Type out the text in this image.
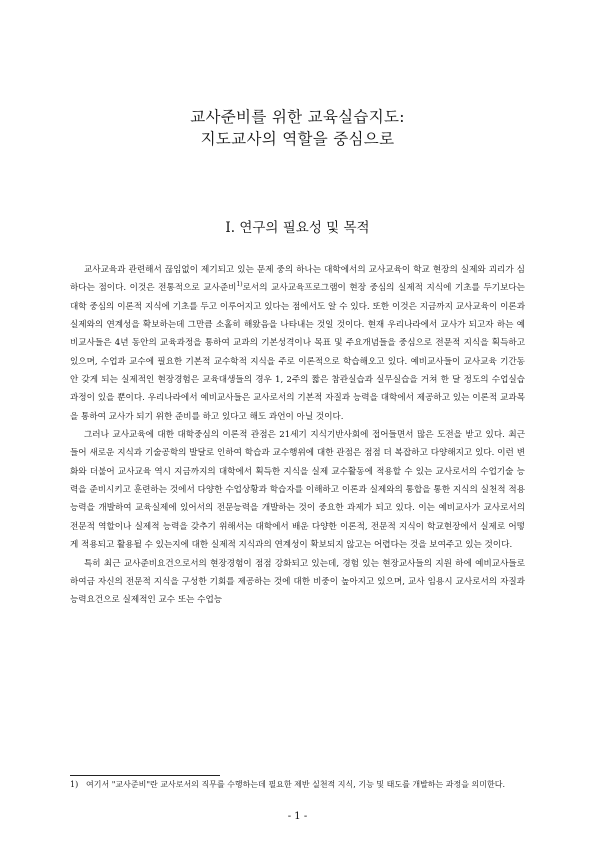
교사준비를 위한 교육실습지도:
지도교사의 역할을 중심으로
Ⅰ. 연구의 필요성 및 목적

교사교육과 관련해서 끊임없이 제기되고 있는 문제 중의 하나는 대학에서의 교사교육이 학교 현장의 실제와 괴리가 심하다는 점이다. 이것은 전통적으로 교사준비$^{1)}$로서의 교사교육프로그램이 현장 중심의 실제적 지식에 기초를 두기보다는 대학 중심의 이론적 지식에 기초를 두고 이루어지고 있다는 점에서도 알 수 있다. 또한 이것은 지금까지 교사교육이 이론과 실제와의 연계성을 확보하는데 그만큼 소홀히 해왔음을 나타내는 것일 것이다. 현재 우리나라에서 교사가 되고자 하는 예비교사들은 4년 동안의 교육과정을 통하여 교과의 기본성격이나 목표 및 주요개념들을 중심으로 전문적 지식을 획득하고 있으며, 수업과 교수에 필요한 기본적 교수학적 지식을 주로 이론적으로 학습해오고 있다. 예비교사들이 교사교육 기간동안 갖게 되는 실제적인 현장경험은 교육대생들의 경우 1, 2주의 짧은 참관실습과 실무실습을 거쳐 한 달 정도의 수업실습 과정이 있을 뿐이다. 우리나라에서 예비교사들은 교사로서의 기본적 자질과 능력을 대학에서 제공하고 있는 이론적 교과목을 통하여 교사가 되기 위한 준비를 하고 있다고 해도 과언이 아닐 것이다.

그러나 교사교육에 대한 대학중심의 이론적 관점은 21세기 지식기반사회에 접어들면서 많은 도전을 받고 있다. 최근 들어 새로운 지식과 기술공학의 발달로 인하여 학습과 교수행위에 대한 관점은 점점 더 복잡하고 다양해지고 있다. 이런 변화와 더불어 교사교육 역시 지금까지의 대학에서 획득한 지식을 실제 교수활동에 적용할 수 있는 교사로서의 수업기술 능력을 준비시키고 훈련하는 것에서 다양한 수업상황과 학습자를 이해하고 이론과 실제와의 통합을 통한 지식의 실천적 적용능력을 개발하여 교육실제에 있어서의 전문능력을 개발하는 것이 중요한 과제가 되고 있다. 이는 예비교사가 교사로서의 전문적 역할이나 실제적 능력을 갖추기 위해서는 대학에서 배운 다양한 이론적, 전문적 지식이 학교현장에서 실제로 어떻게 적용되고 활용될 수 있는지에 대한 실제적 지식과의 연계성이 확보되지 않고는 어렵다는 것을 보여주고 있는 것이다.

특히 최근 교사준비요건으로서의 현장경험이 점점 강화되고 있는데, 경험 있는 현장교사들의 지원 하에 예비교사들로 하여금 자신의 전문적 지식을 구성한 기회를 제공하는 것에 대한 비중이 높아지고 있으며, 교사 임용시 교사로서의 자질과 능력요건으로 실제적인 교수 또는 수업능

1) 여기서 "교사준비"란 교사로서의 직무를 수행하는데 필요한 제반 실천적 지식, 기능 및 태도를 개발하는 과정을 의미한다.
- 1 -
